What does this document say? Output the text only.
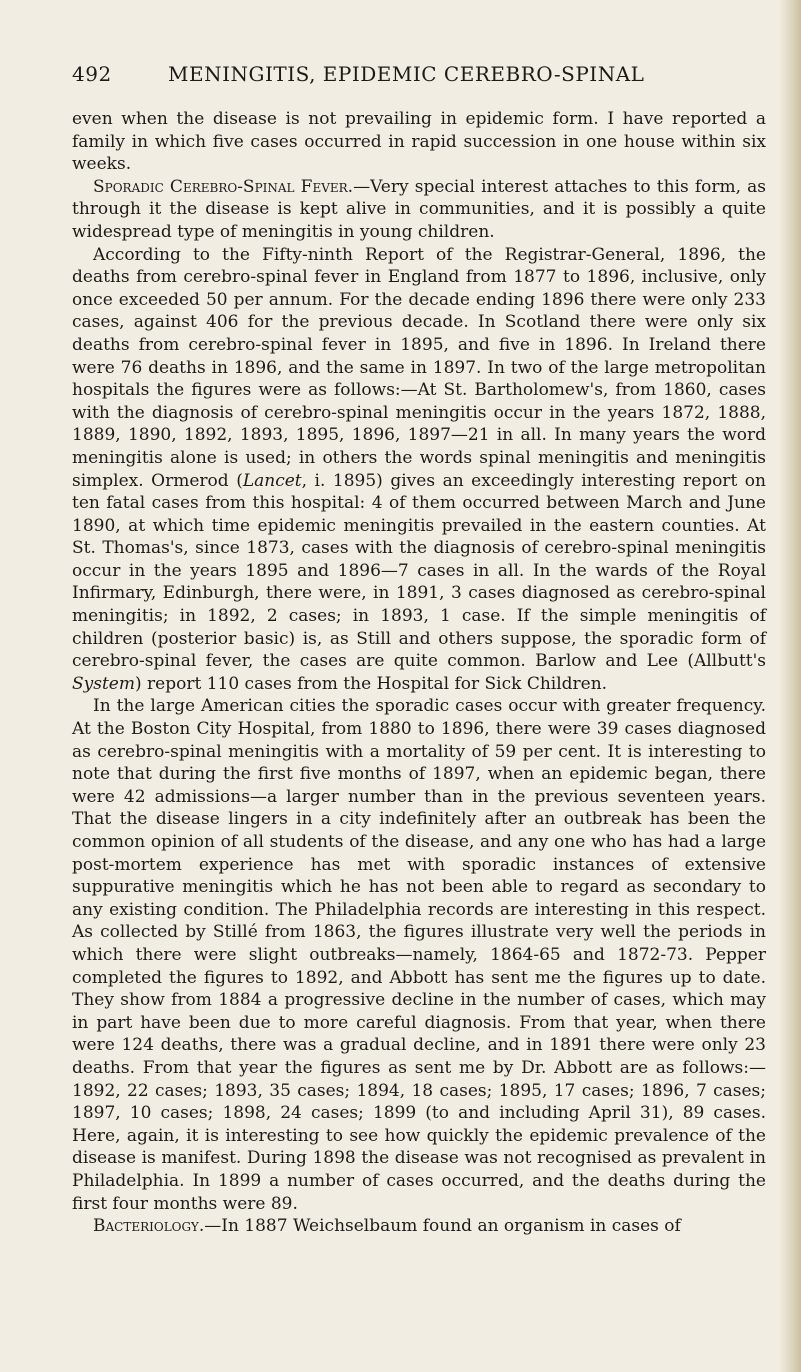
492	MENINGITIS, EPIDEMIC CEREBRO-SPINAL

even when the disease is not prevailing in epidemic form. I have reported a family in which five cases occurred in rapid succession in one house within six weeks.

Sporadic Cerebro-Spinal Fever.—Very special interest attaches to this form, as through it the disease is kept alive in communities, and it is possibly a quite widespread type of meningitis in young children.

According to the Fifty-ninth Report of the Registrar-General, 1896, the deaths from cerebro-spinal fever in England from 1877 to 1896, inclusive, only once exceeded 50 per annum. For the decade ending 1896 there were only 233 cases, against 406 for the previous decade. In Scotland there were only six deaths from cerebro-spinal fever in 1895, and five in 1896. In Ireland there were 76 deaths in 1896, and the same in 1897. In two of the large metropolitan hospitals the figures were as follows:—At St. Bartholomew's, from 1860, cases with the diagnosis of cerebro-spinal meningitis occur in the years 1872, 1888, 1889, 1890, 1892, 1893, 1895, 1896, 1897—21 in all. In many years the word meningitis alone is used; in others the words spinal meningitis and meningitis simplex. Ormerod (Lancet, i. 1895) gives an exceedingly interesting report on ten fatal cases from this hospital: 4 of them occurred between March and June 1890, at which time epidemic meningitis prevailed in the eastern counties. At St. Thomas's, since 1873, cases with the diagnosis of cerebro-spinal meningitis occur in the years 1895 and 1896—7 cases in all. In the wards of the Royal Infirmary, Edinburgh, there were, in 1891, 3 cases diagnosed as cerebro-spinal meningitis; in 1892, 2 cases; in 1893, 1 case. If the simple meningitis of children (posterior basic) is, as Still and others suppose, the sporadic form of cerebro-spinal fever, the cases are quite common. Barlow and Lee (Allbutt's System) report 110 cases from the Hospital for Sick Children.

In the large American cities the sporadic cases occur with greater frequency. At the Boston City Hospital, from 1880 to 1896, there were 39 cases diagnosed as cerebro-spinal meningitis with a mortality of 59 per cent. It is interesting to note that during the first five months of 1897, when an epidemic began, there were 42 admissions—a larger number than in the previous seventeen years. That the disease lingers in a city indefinitely after an outbreak has been the common opinion of all students of the disease, and any one who has had a large post-mortem experience has met with sporadic instances of extensive suppurative meningitis which he has not been able to regard as secondary to any existing condition. The Philadelphia records are interesting in this respect. As collected by Stillé from 1863, the figures illustrate very well the periods in which there were slight outbreaks—namely, 1864-65 and 1872-73. Pepper completed the figures to 1892, and Abbott has sent me the figures up to date. They show from 1884 a progressive decline in the number of cases, which may in part have been due to more careful diagnosis. From that year, when there were 124 deaths, there was a gradual decline, and in 1891 there were only 23 deaths. From that year the figures as sent me by Dr. Abbott are as follows:—1892, 22 cases; 1893, 35 cases; 1894, 18 cases; 1895, 17 cases; 1896, 7 cases; 1897, 10 cases; 1898, 24 cases; 1899 (to and including April 31), 89 cases. Here, again, it is interesting to see how quickly the epidemic prevalence of the disease is manifest. During 1898 the disease was not recognised as prevalent in Philadelphia. In 1899 a number of cases occurred, and the deaths during the first four months were 89.

Bacteriology.—In 1887 Weichselbaum found an organism in cases of
